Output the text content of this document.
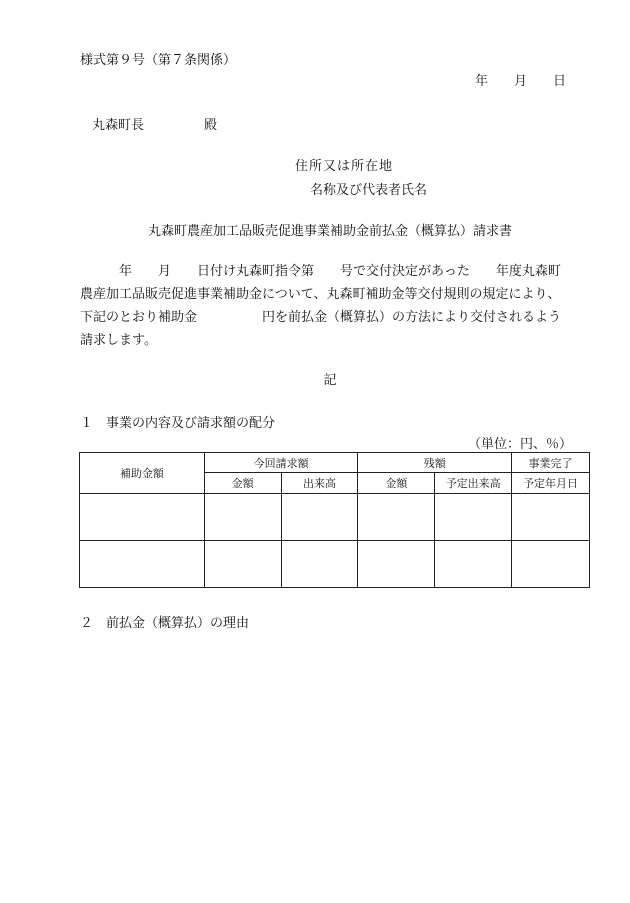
様式第９号（第７条関係）
年 月 日
丸森町長	殿
住所又は所在地
名称及び代表者氏名
丸森町農産加工品販売促進事業補助金前払金（概算払）請求書
　　　年　　月　　日付け丸森町指令第　　号で交付決定があった　　年度丸森町
農産加工品販売促進事業補助金について、丸森町補助金等交付規則の規定により、
下記のとおり補助金　　　　　円を前払金（概算払）の方法により交付されるよう
請求します。
記
１　事業の内容及び請求額の配分
（単位：円、％）
補助金額	今回請求額		残額		事業完了
	金額	出来高	金額	予定出来高	予定年月日

２　前払金（概算払）の理由
